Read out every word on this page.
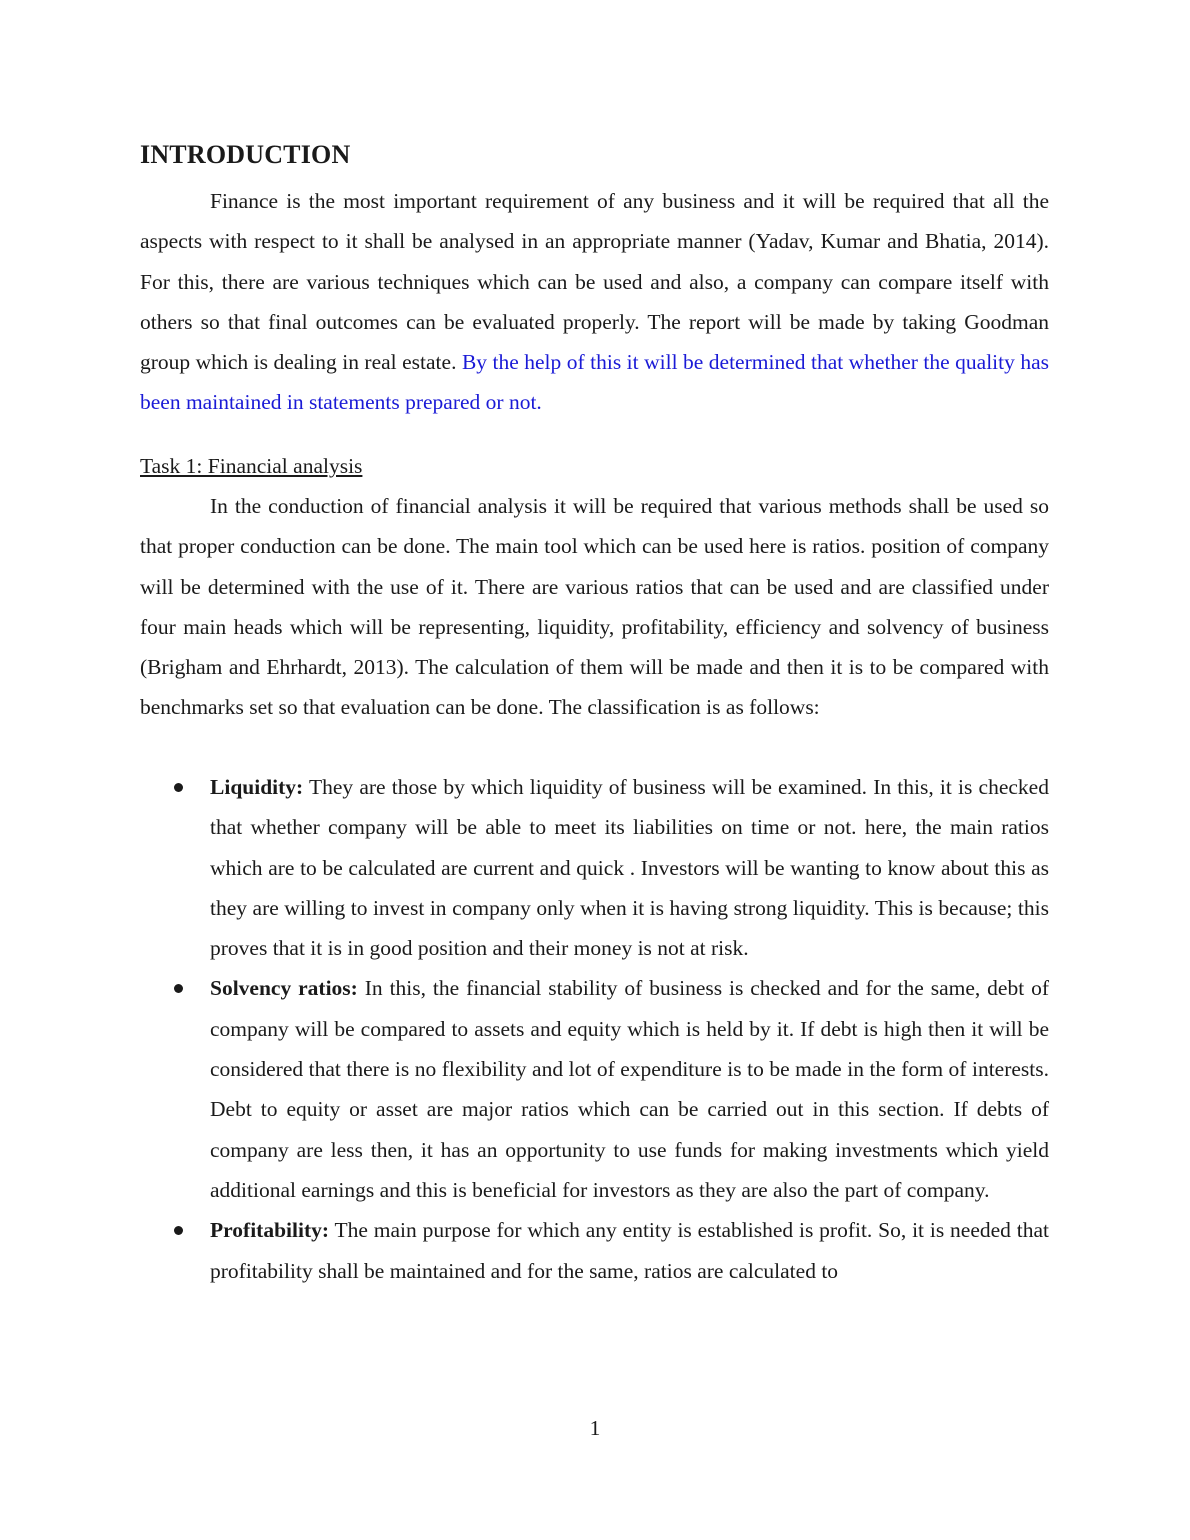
INTRODUCTION

Finance is the most important requirement of any business and it will be required that all the aspects with respect to it shall be analysed in an appropriate manner (Yadav, Kumar and Bhatia, 2014). For this, there are various techniques which can be used and also, a company can compare itself with others so that final outcomes can be evaluated properly. The report will be made by taking Goodman group which is dealing in real estate. By the help of this it will be determined that whether the quality has been maintained in statements prepared or not.

Task 1: Financial analysis

In the conduction of financial analysis it will be required that various methods shall be used so that proper conduction can be done. The main tool which can be used here is ratios. position of company will be determined with the use of it. There are various ratios that can be used and are classified under four main heads which will be representing, liquidity, profitability, efficiency and solvency of business (Brigham and Ehrhardt, 2013). The calculation of them will be made and then it is to be compared with benchmarks set so that evaluation can be done. The classification is as follows:

Liquidity: They are those by which liquidity of business will be examined. In this, it is checked that whether company will be able to meet its liabilities on time or not. here, the main ratios which are to be calculated are current and quick . Investors will be wanting to know about this as they are willing to invest in company only when it is having strong liquidity. This is because; this proves that it is in good position and their money is not at risk.
Solvency ratios: In this, the financial stability of business is checked and for the same, debt of company will be compared to assets and equity which is held by it. If debt is high then it will be considered that there is no flexibility and lot of expenditure is to be made in the form of interests. Debt to equity or asset are major ratios which can be carried out in this section. If debts of company are less then, it has an opportunity to use funds for making investments which yield additional earnings and this is beneficial for investors as they are also the part of company.
Profitability: The main purpose for which any entity is established is profit. So, it is needed that profitability shall be maintained and for the same, ratios are calculated to

1
